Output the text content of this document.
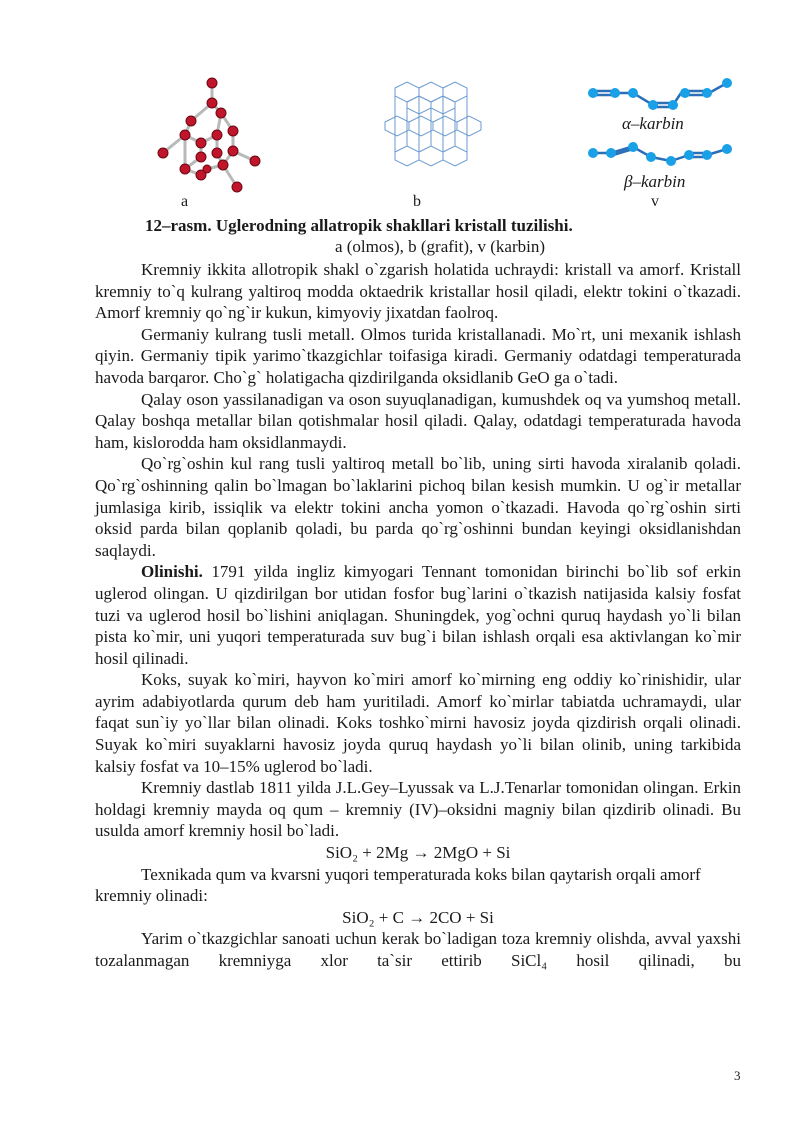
α–karbin
β–karbin
a	b	v
12–rasm. Uglerodning allatropik shakllari kristall tuzilishi.
a (olmos), b (grafit), v (karbin)

Kremniy ikkita allotropik shakl o`zgarish holatida uchraydi: kristall va amorf. Kristall kremniy to`q kulrang yaltiroq modda oktaedrik kristallar hosil qiladi, elektr tokini o`tkazadi. Amorf kremniy qo`ng`ir kukun, kimyoviy jixatdan faolroq.

Germaniy kulrang tusli metall. Olmos turida kristallanadi. Mo`rt, uni mexanik ishlash qiyin. Germaniy tipik yarimo`tkazgichlar toifasiga kiradi. Germaniy odatdagi temperaturada havoda barqaror. Cho`g` holatigacha qizdirilganda oksidlanib GeO ga o`tadi.

Qalay oson yassilanadigan va oson suyuqlanadigan, kumushdek oq va yumshoq metall. Qalay boshqa metallar bilan qotishmalar hosil qiladi. Qalay, odatdagi temperaturada havoda ham, kislorodda ham oksidlanmaydi.

Qo`rg`oshin kul rang tusli yaltiroq metall bo`lib, uning sirti havoda xiralanib qoladi. Qo`rg`oshinning qalin bo`lmagan bo`laklarini pichoq bilan kesish mumkin. U og`ir metallar jumlasiga kirib, issiqlik va elektr tokini ancha yomon o`tkazadi. Havoda qo`rg`oshin sirti oksid parda bilan qoplanib qoladi, bu parda qo`rg`oshinni bundan keyingi oksidlanishdan saqlaydi.

Olinishi. 1791 yilda ingliz kimyogari Tennant tomonidan birinchi bo`lib sof erkin uglerod olingan. U qizdirilgan bor utidan fosfor bug`larini o`tkazish natijasida kalsiy fosfat tuzi va uglerod hosil bo`lishini aniqlagan. Shuningdek, yog`ochni quruq haydash yo`li bilan pista ko`mir, uni yuqori temperaturada suv bug`i bilan ishlash orqali esa aktivlangan ko`mir hosil qilinadi.

Koks, suyak ko`miri, hayvon ko`miri amorf ko`mirning eng oddiy ko`rinishidir, ular ayrim adabiyotlarda qurum deb ham yuritiladi. Amorf ko`mirlar tabiatda uchramaydi, ular faqat sun`iy yo`llar bilan olinadi. Koks toshko`mirni havosiz joyda qizdirish orqali olinadi. Suyak ko`miri suyaklarni havosiz joyda quruq haydash yo`li bilan olinib, uning tarkibida kalsiy fosfat va 10–15% uglerod bo`ladi.

Kremniy dastlab 1811 yilda J.L.Gey–Lyussak va L.J.Tenarlar tomonidan olingan. Erkin holdagi kremniy mayda oq qum – kremniy (IV)–oksidni magniy bilan qizdirib olinadi. Bu usulda amorf kremniy hosil bo`ladi.

SiO₂ + 2Mg → 2MgO + Si

Texnikada qum va kvarsni yuqori temperaturada koks bilan qaytarish orqali amorf kremniy olinadi:

SiO₂ + C → 2CO + Si

Yarim o`tkazgichlar sanoati uchun kerak bo`ladigan toza kremniy olishda, avval yaxshi tozalanmagan kremniyga xlor ta`sir ettirib SiCl₄ hosil qilinadi, bu

3
